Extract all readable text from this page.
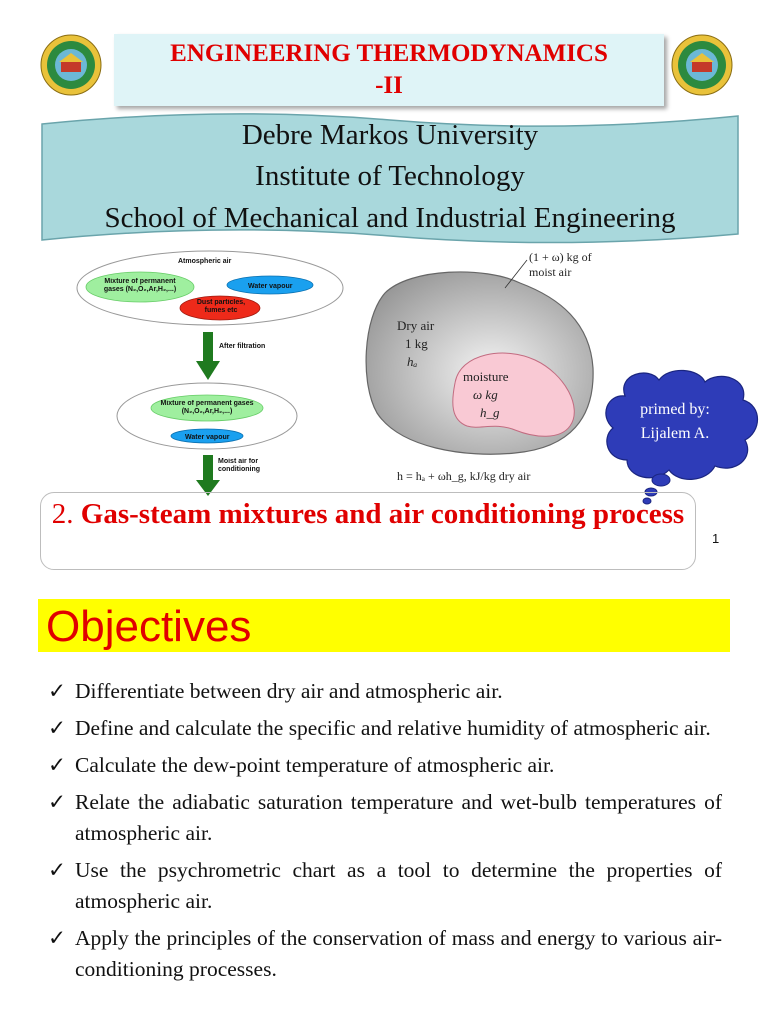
ENGINEERING THERMODYNAMICS
-II
Debre Markos University
Institute of Technology
School of Mechanical and Industrial Engineering
Atmospheric air
Mixture of permanent gases (N₂,O₂,Ar,H₂,...)	Water vapour
Dust particles, fumes etc
After filtration
Mixture of permanent gases (N₂,O₂,Ar,H₂,...)
Water vapour
Moist air for conditioning
(1 + ω) kg of
moist air
Dry air
1 kg
hₐ
moisture
ω kg
h_g
h = hₐ + ωh_g, kJ/kg dry air
primed by:
Lijalem A.
2. Gas-steam mixtures and air conditioning process
1
Objectives
✓ Differentiate between dry air and atmospheric air.
✓ Define and calculate the specific and relative humidity of atmospheric air.
✓ Calculate the dew-point temperature of atmospheric air.
✓ Relate the adiabatic saturation temperature and wet-bulb temperatures of atmospheric air.
✓ Use the psychrometric chart as a tool to determine the properties of atmospheric air.
✓ Apply the principles of the conservation of mass and energy to various air-conditioning processes.
